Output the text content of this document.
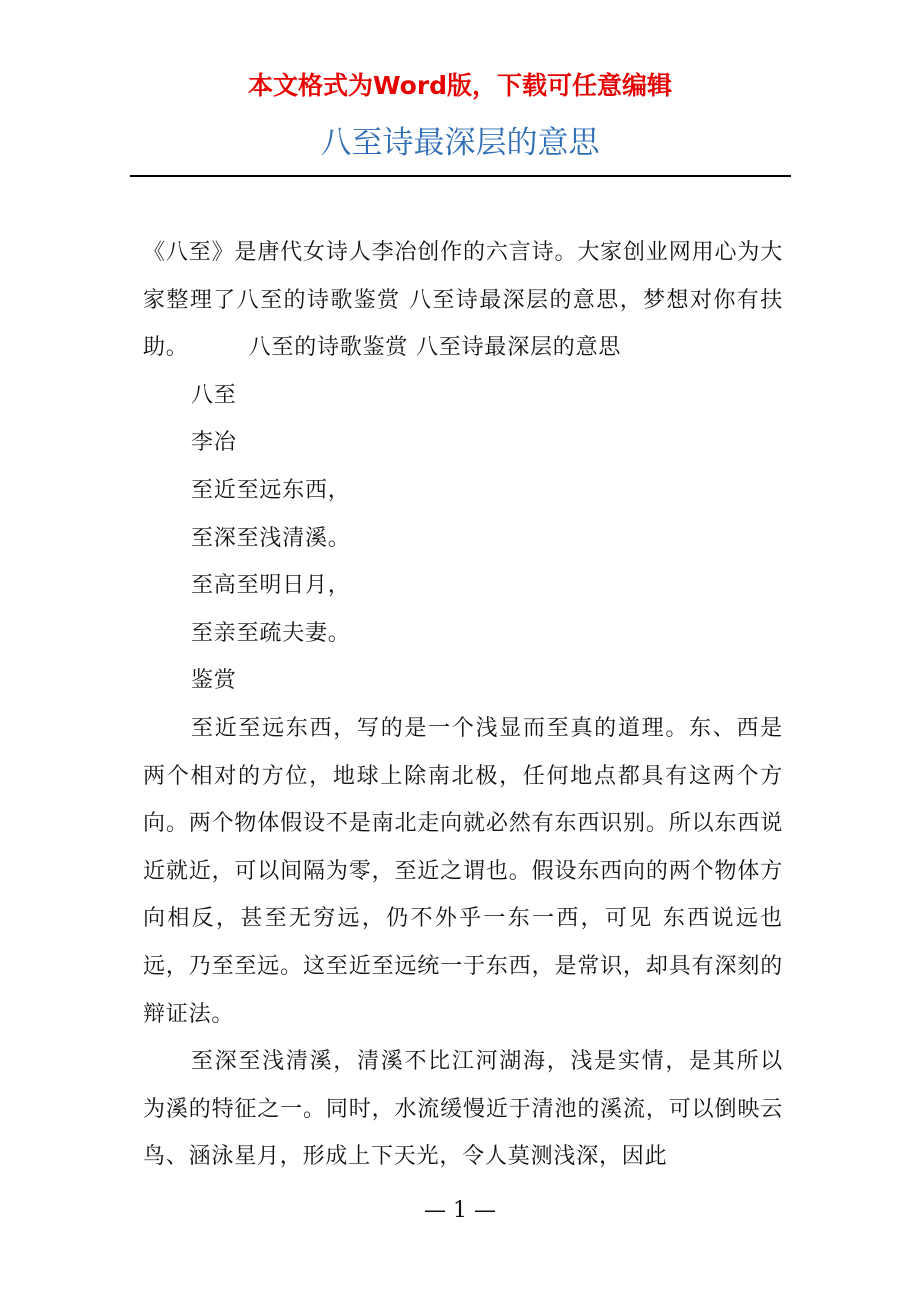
本文格式为Word版，下载可任意编辑
八至诗最深层的意思

《八至》是唐代女诗人李冶创作的六言诗。大家创业网用心为大家整理了八至的诗歌鉴赏 八至诗最深层的意思，梦想对你有扶助。	八至的诗歌鉴赏 八至诗最深层的意思

八至

李冶

至近至远东西，

至深至浅清溪。

至高至明日月，

至亲至疏夫妻。

鉴赏

至近至远东西，写的是一个浅显而至真的道理。东、西是两个相对的方位，地球上除南北极，任何地点都具有这两个方向。两个物体假设不是南北走向就必然有东西识别。所以东西说近就近，可以间隔为零，至近之谓也。假设东西向的两个物体方向相反，甚至无穷远，仍不外乎一东一西，可见 东西说远也远，乃至至远。这至近至远统一于东西，是常识，却具有深刻的辩证法。

至深至浅清溪，清溪不比江河湖海，浅是实情，是其所以为溪的特征之一。同时，水流缓慢近于清池的溪流，可以倒映云鸟、涵泳星月，形成上下天光，令人莫测浅深，因此

— 1 —
